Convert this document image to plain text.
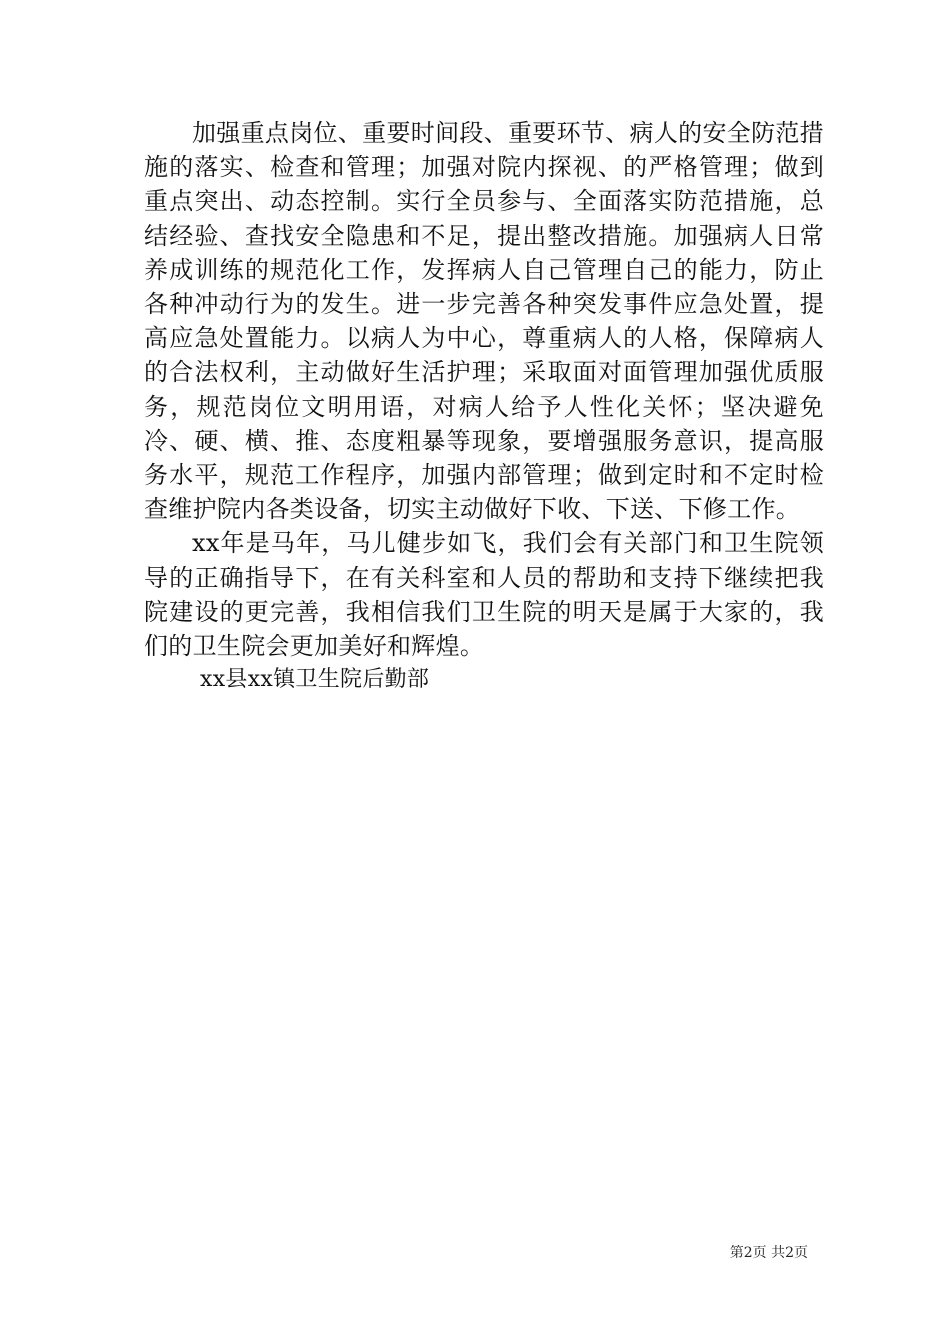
加强重点岗位、重要时间段、重要环节、病人的安全防范措施的落实、检查和管理；加强对院内探视、的严格管理；做到重点突出、动态控制。实行全员参与、全面落实防范措施，总结经验、查找安全隐患和不足，提出整改措施。加强病人日常养成训练的规范化工作，发挥病人自己管理自己的能力，防止各种冲动行为的发生。进一步完善各种突发事件应急处置，提高应急处置能力。以病人为中心，尊重病人的人格，保障病人的合法权利，主动做好生活护理；采取面对面管理加强优质服务，规范岗位文明用语，对病人给予人性化关怀；坚决避免冷、硬、横、推、态度粗暴等现象，要增强服务意识，提高服务水平，规范工作程序，加强内部管理；做到定时和不定时检查维护院内各类设备，切实主动做好下收、下送、下修工作。

xx年是马年，马儿健步如飞，我们会有关部门和卫生院领导的正确指导下，在有关科室和人员的帮助和支持下继续把我院建设的更完善，我相信我们卫生院的明天是属于大家的，我们的卫生院会更加美好和辉煌。

xx县xx镇卫生院后勤部

第2页 共2页
